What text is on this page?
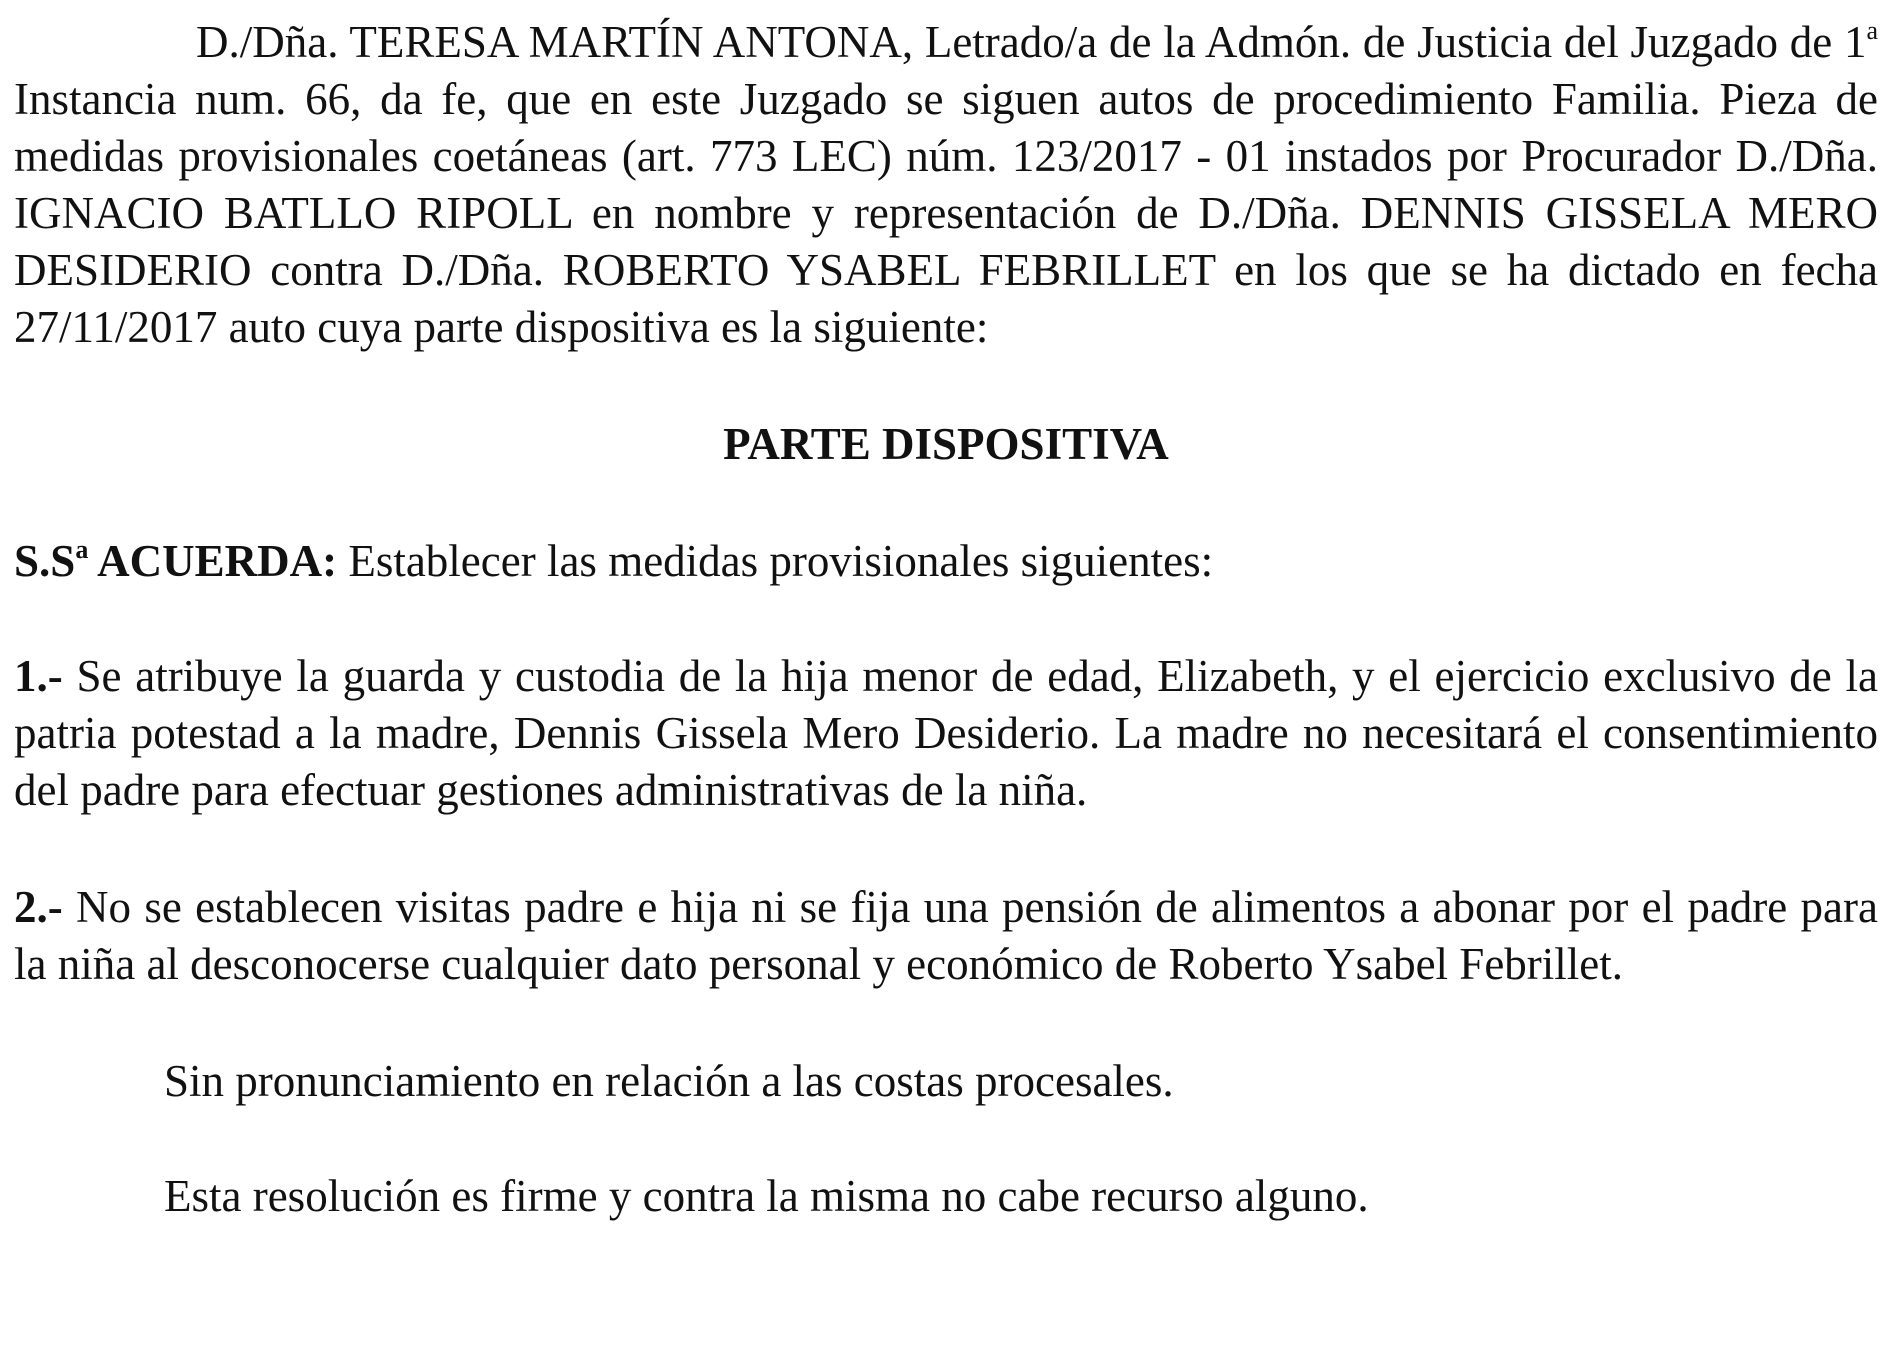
D./Dña. TERESA MARTÍN ANTONA, Letrado/a de la Admón. de Justicia del Juzgado de 1$^a$ Instancia num. 66, da fe, que en este Juzgado se siguen autos de procedimiento Familia. Pieza de medidas provisionales coetáneas (art. 773 LEC) núm. 123/2017 - 01 instados por Procurador D./Dña. IGNACIO BATLLO RIPOLL en nombre y representación de D./Dña. DENNIS GISSELA MERO DESIDERIO contra D./Dña. ROBERTO YSABEL FEBRILLET en los que se ha dictado en fecha 27/11/2017 auto cuya parte dispositiva es la siguiente:

PARTE DISPOSITIVA

$S.S^a$ ACUERDA: Establecer las medidas provisionales siguientes:

1.- Se atribuye la guarda y custodia de la hija menor de edad, Elizabeth, y el ejercicio exclusivo de la patria potestad a la madre, Dennis Gissela Mero Desiderio. La madre no necesitará el consentimiento del padre para efectuar gestiones administrativas de la niña.

2.- No se establecen visitas padre e hija ni se fija una pensión de alimentos a abonar por el padre para la niña al desconocerse cualquier dato personal y económico de Roberto Ysabel Febrillet.

Sin pronunciamiento en relación a las costas procesales.

Esta resolución es firme y contra la misma no cabe recurso alguno.
